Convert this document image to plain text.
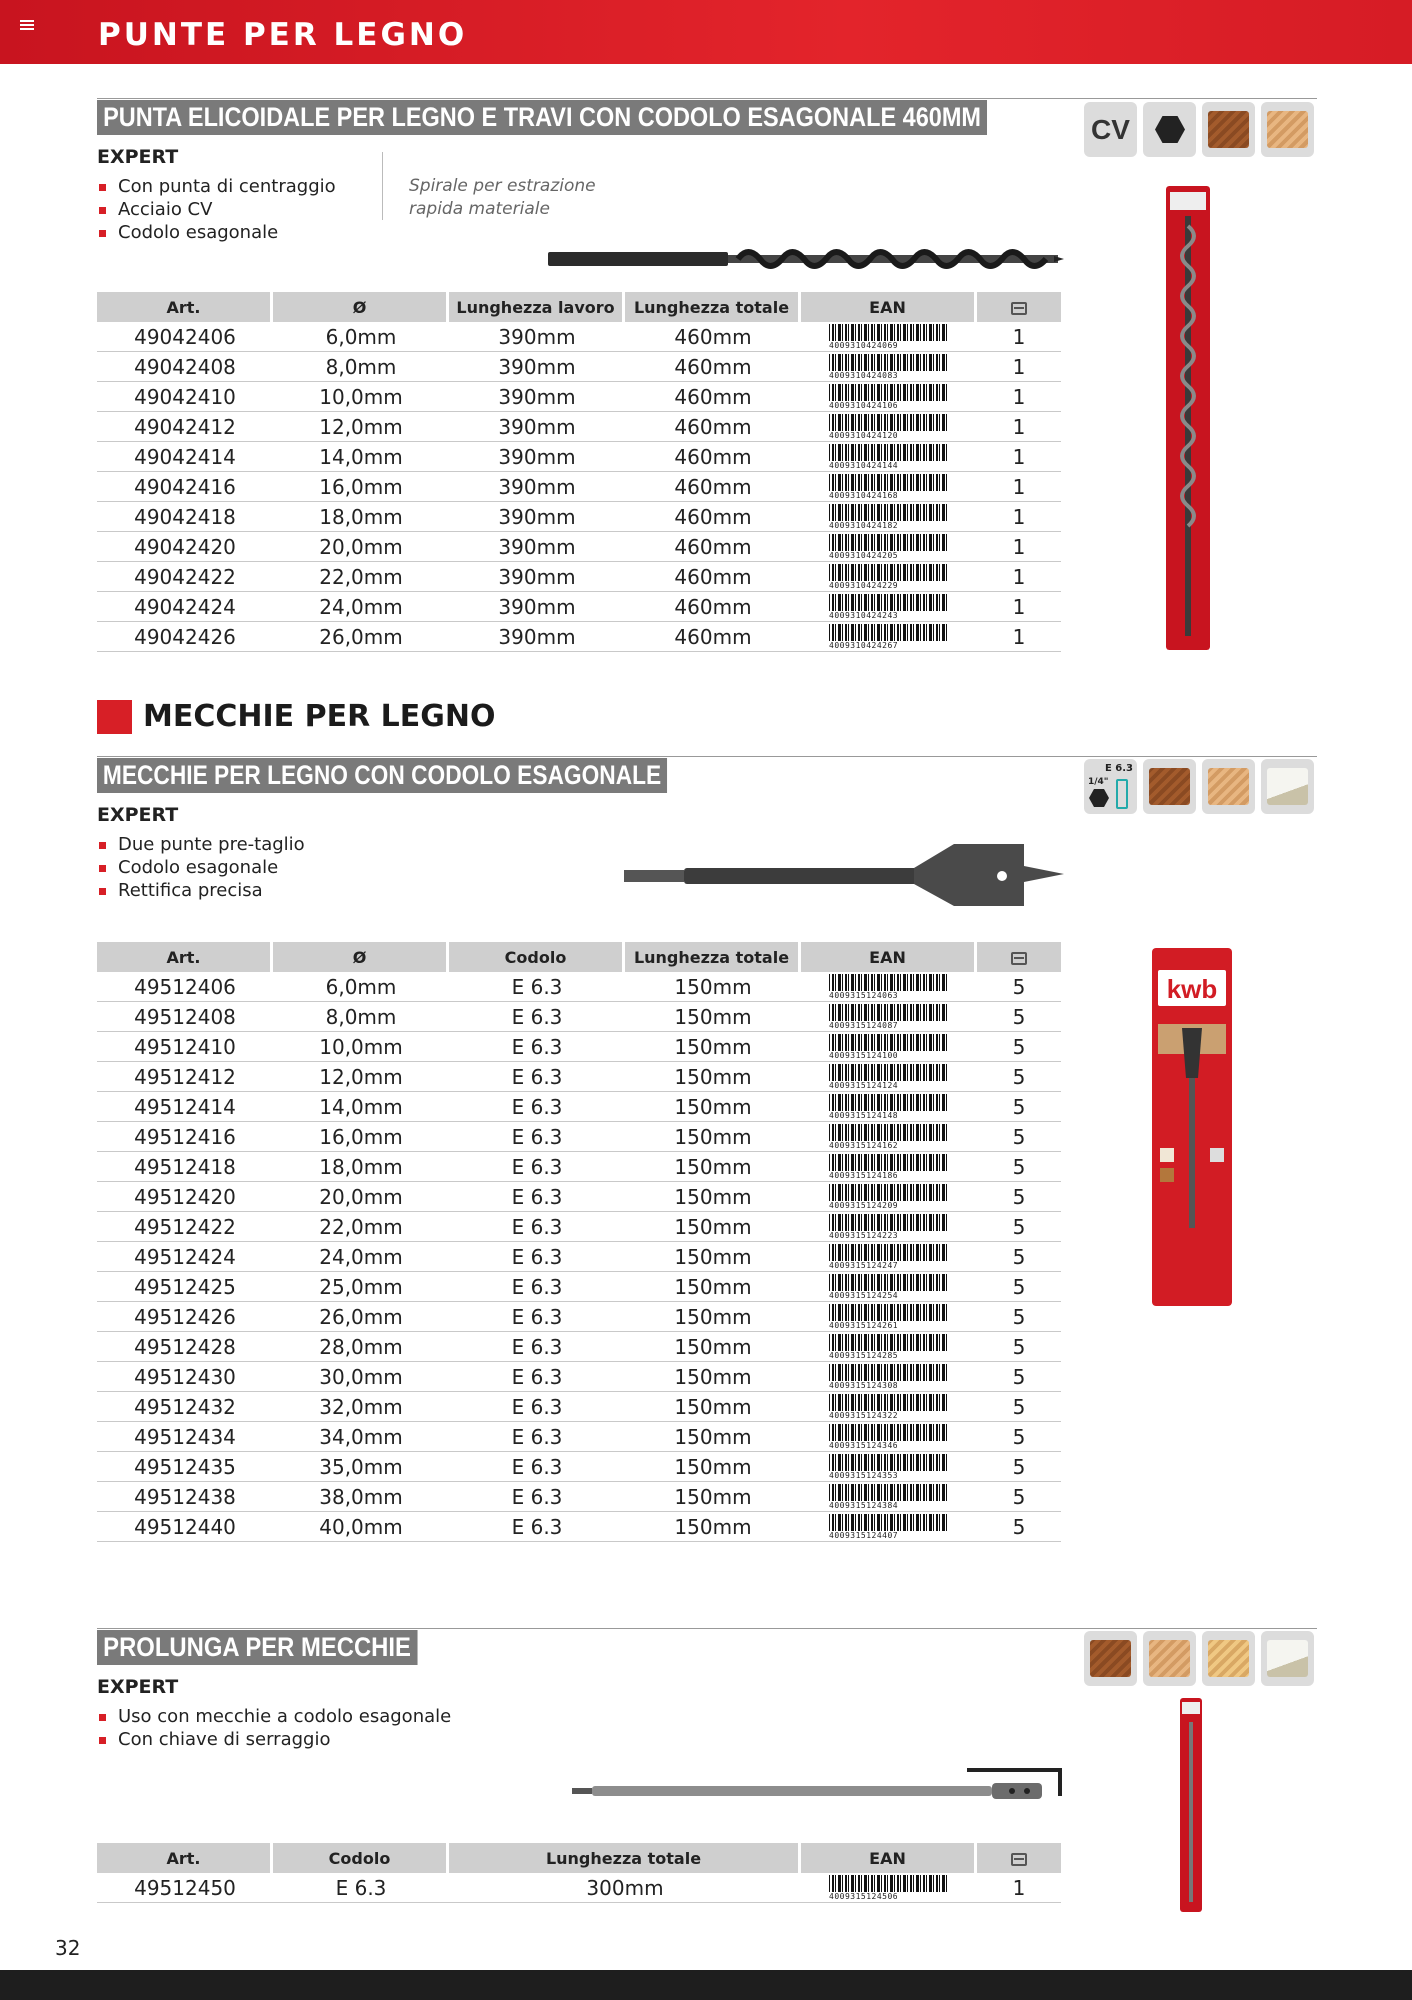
PUNTE PER LEGNO
PUNTA ELICOIDALE PER LEGNO E TRAVI CON CODOLO ESAGONALE 460MM
EXPERT
Con punta di centraggio
Acciaio CV
Codolo esagonale
Spirale per estrazione
rapida materiale
CV
Art.	Ø	Lunghezza lavoro	Lunghezza totale	EAN	
49042406	6,0mm	390mm	460mm	4009310424069	1
49042408	8,0mm	390mm	460mm	4009310424083	1
49042410	10,0mm	390mm	460mm	4009310424106	1
49042412	12,0mm	390mm	460mm	4009310424120	1
49042414	14,0mm	390mm	460mm	4009310424144	1
49042416	16,0mm	390mm	460mm	4009310424168	1
49042418	18,0mm	390mm	460mm	4009310424182	1
49042420	20,0mm	390mm	460mm	4009310424205	1
49042422	22,0mm	390mm	460mm	4009310424229	1
49042424	24,0mm	390mm	460mm	4009310424243	1
49042426	26,0mm	390mm	460mm	4009310424267	1
MECCHIE PER LEGNO
MECCHIE PER LEGNO CON CODOLO ESAGONALE
EXPERT
Due punte pre-taglio
Codolo esagonale
Rettifica precisa
E 6.3
1/4"
kwb
Art.	Ø	Codolo	Lunghezza totale	EAN	
49512406	6,0mm	E 6.3	150mm	4009315124063	5
49512408	8,0mm	E 6.3	150mm	4009315124087	5
49512410	10,0mm	E 6.3	150mm	4009315124100	5
49512412	12,0mm	E 6.3	150mm	4009315124124	5
49512414	14,0mm	E 6.3	150mm	4009315124148	5
49512416	16,0mm	E 6.3	150mm	4009315124162	5
49512418	18,0mm	E 6.3	150mm	4009315124186	5
49512420	20,0mm	E 6.3	150mm	4009315124209	5
49512422	22,0mm	E 6.3	150mm	4009315124223	5
49512424	24,0mm	E 6.3	150mm	4009315124247	5
49512425	25,0mm	E 6.3	150mm	4009315124254	5
49512426	26,0mm	E 6.3	150mm	4009315124261	5
49512428	28,0mm	E 6.3	150mm	4009315124285	5
49512430	30,0mm	E 6.3	150mm	4009315124308	5
49512432	32,0mm	E 6.3	150mm	4009315124322	5
49512434	34,0mm	E 6.3	150mm	4009315124346	5
49512435	35,0mm	E 6.3	150mm	4009315124353	5
49512438	38,0mm	E 6.3	150mm	4009315124384	5
49512440	40,0mm	E 6.3	150mm	4009315124407	5
PROLUNGA PER MECCHIE
EXPERT
Uso con mecchie a codolo esagonale
Con chiave di serraggio
Art.	Codolo	Lunghezza totale	EAN	
49512450	E 6.3	300mm	4009315124506	1
32
